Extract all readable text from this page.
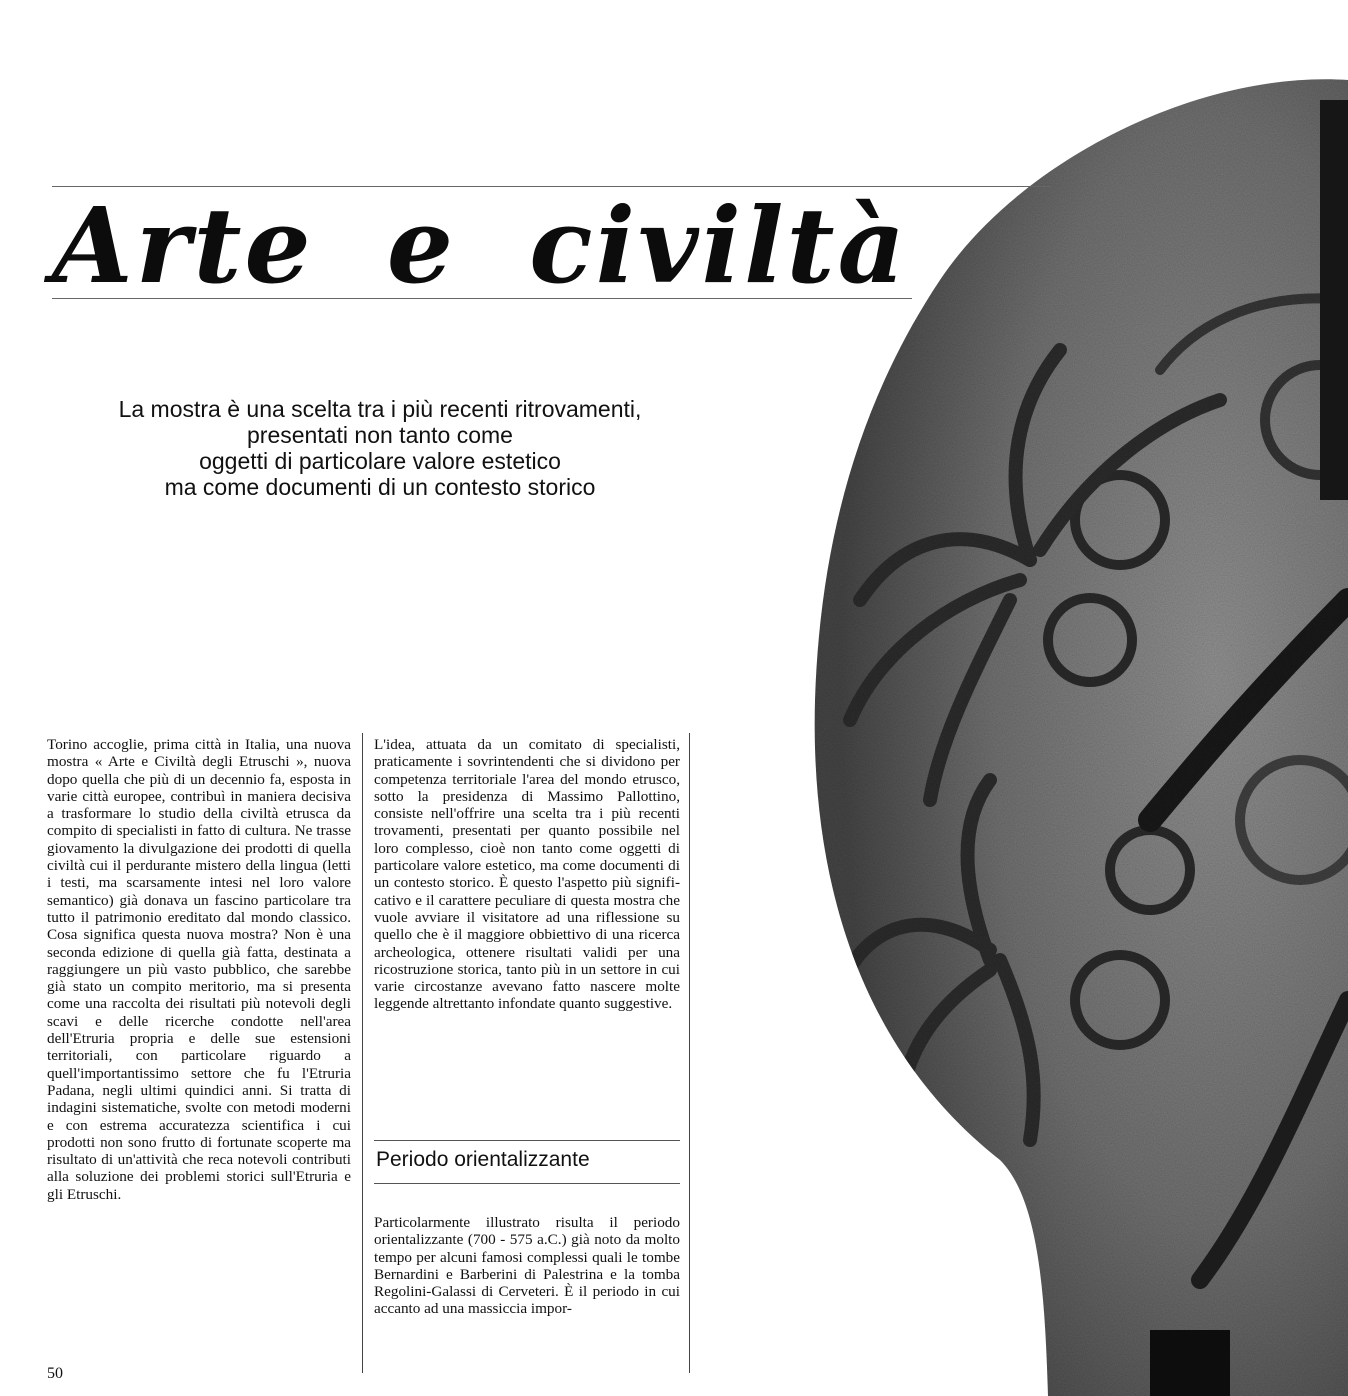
Arte e civiltà
La mostra è una scelta tra i più recenti ritrovamenti,
presentati non tanto come
oggetti di particolare valore estetico
ma come documenti di un contesto storico

Torino accoglie, prima città in Italia, una nuova mostra « Arte e Civiltà degli Etruschi », nuova dopo quella che più di un decennio fa, esposta in varie città europee, contribuì in maniera decisiva a trasformare lo studio della civiltà etrusca da compito di specialisti in fatto di cultura. Ne trasse giovamento la divulgazione dei prodotti di quella civiltà cui il perdurante mistero della lingua (letti i testi, ma scarsamente intesi nel loro valore semantico) già donava un fascino particolare tra tutto il patrimonio ereditato dal mondo classico. Cosa significa questa nuova mostra? Non è una seconda edizione di quella già fatta, destinata a raggiungere un più vasto pubblico, che sarebbe già stato un compito meritorio, ma si presenta come una raccolta dei risultati più notevoli degli scavi e delle ricerche condotte nell'area dell'Etruria propria e delle sue estensioni territoriali, con particolare riguardo a quell'importantissimo settore che fu l'Etruria Padana, negli ultimi quindici anni. Si tratta di indagini sistematiche, svolte con metodi moderni e con estrema accuratezza scientifica i cui prodotti non sono frutto di fortunate scoperte ma risultato di un'attività che reca notevoli contributi alla soluzione dei problemi storici sull'Etruria e gli Etruschi.

L'idea, attuata da un comitato di specialisti, praticamente i sovrintendenti che si dividono per competenza territoriale l'area del mondo etrusco, sotto la presidenza di Massimo Pallottino, consiste nell'offrire una scelta tra i più recenti trovamenti, presentati per quanto possibile nel loro complesso, cioè non tanto come oggetti di particolare valore estetico, ma come documenti di un contesto storico. È questo l'aspetto più significativo e il carattere peculiare di questa mostra che vuole avviare il visitatore ad una riflessione su quello che è il maggiore obbiettivo di una ricerca archeologica, ottenere risultati validi per una ricostruzione storica, tanto più in un settore in cui varie circostanze avevano fatto nascere molte leggende altrettanto infondate quanto suggestive.

Periodo orientalizzante

Particolarmente illustrato risulta il periodo orientalizzante (700 - 575 a.C.) già noto da molto tempo per alcuni famosi complessi quali le tombe Bernardini e Barberini di Palestrina e la tomba Regolini-Galassi di Cerveteri. È il periodo in cui accanto ad una massiccia impor-

50
